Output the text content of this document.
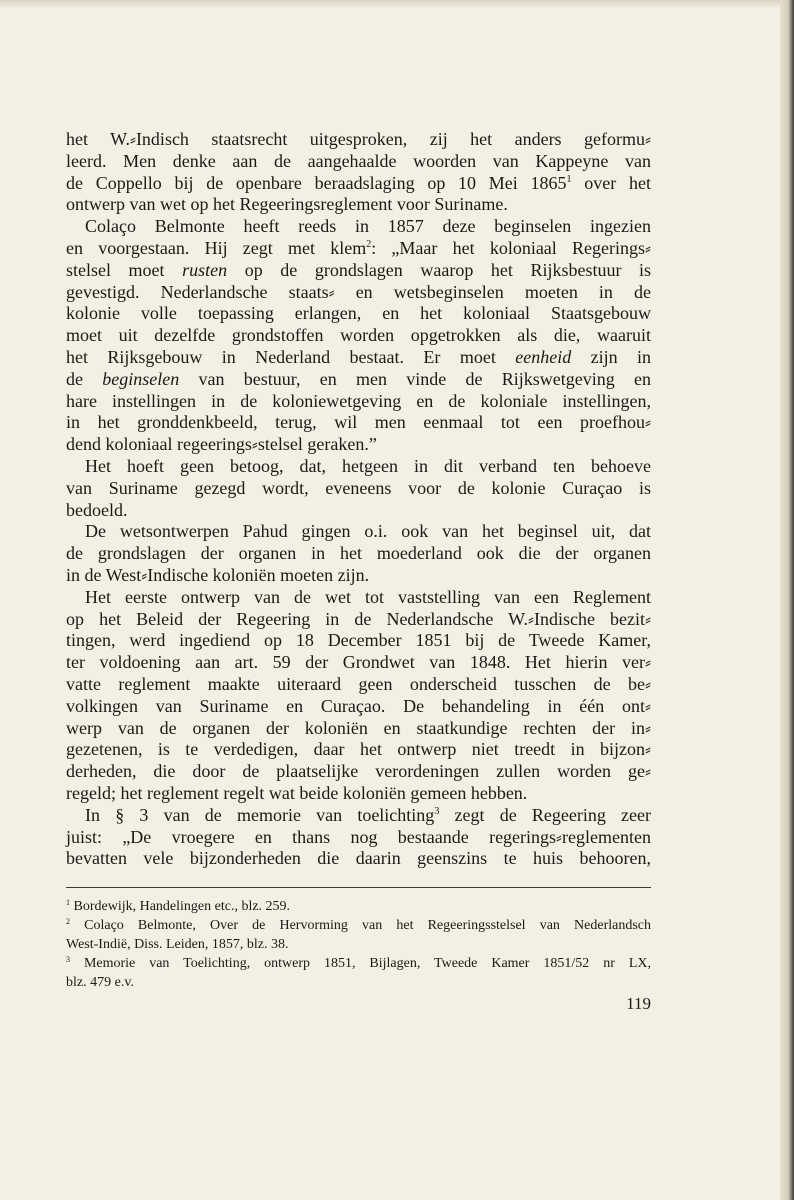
het W.⸗Indisch staatsrecht uitgesproken, zij het anders geformu⸗
leerd. Men denke aan de aangehaalde woorden van Kappeyne van
de Coppello bij de openbare beraadslaging op 10 Mei 1865$^1$ over het
ontwerp van wet op het Regeeringsreglement voor Suriname.
Colaço Belmonte heeft reeds in 1857 deze beginselen ingezien
en voorgestaan. Hij zegt met klem$^2$: „Maar het koloniaal Regerings⸗
stelsel moet rusten op de grondslagen waarop het Rijksbestuur is
gevestigd. Nederlandsche staats⸗ en wetsbeginselen moeten in de
kolonie volle toepassing erlangen, en het koloniaal Staatsgebouw
moet uit dezelfde grondstoffen worden opgetrokken als die, waaruit
het Rijksgebouw in Nederland bestaat. Er moet eenheid zijn in
de beginselen van bestuur, en men vinde de Rijkswetgeving en
hare instellingen in de koloniewetgeving en de koloniale instellingen,
in het gronddenkbeeld, terug, wil men eenmaal tot een proefhou⸗
dend koloniaal regeerings⸗stelsel geraken.”
Het hoeft geen betoog, dat, hetgeen in dit verband ten behoeve
van Suriname gezegd wordt, eveneens voor de kolonie Curaçao is
bedoeld.
De wetsontwerpen Pahud gingen o.i. ook van het beginsel uit, dat
de grondslagen der organen in het moederland ook die der organen
in de West⸗Indische koloniën moeten zijn.
Het eerste ontwerp van de wet tot vaststelling van een Reglement
op het Beleid der Regeering in de Nederlandsche W.⸗Indische bezit⸗
tingen, werd ingediend op 18 December 1851 bij de Tweede Kamer,
ter voldoening aan art. 59 der Grondwet van 1848. Het hierin ver⸗
vatte reglement maakte uiteraard geen onderscheid tusschen de be⸗
volkingen van Suriname en Curaçao. De behandeling in één ont⸗
werp van de organen der koloniën en staatkundige rechten der in⸗
gezetenen, is te verdedigen, daar het ontwerp niet treedt in bijzon⸗
derheden, die door de plaatselijke verordeningen zullen worden ge⸗
regeld; het reglement regelt wat beide koloniën gemeen hebben.
In § 3 van de memorie van toelichting$^3$ zegt de Regeering zeer
juist: „De vroegere en thans nog bestaande regerings⸗reglementen
bevatten vele bijzonderheden die daarin geenszins te huis behooren,
$^1$ Bordewijk, Handelingen etc., blz. 259.
$^2$ Colaço Belmonte, Over de Hervorming van het Regeeringsstelsel van Nederlandsch
West-Indië, Diss. Leiden, 1857, blz. 38.
$^3$ Memorie van Toelichting, ontwerp 1851, Bijlagen, Tweede Kamer 1851/52 nr LX,
blz. 479 e.v.
119
